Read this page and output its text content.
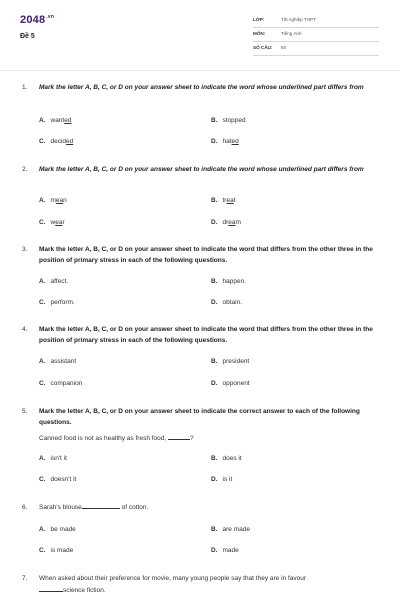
$2048^{.vn}$
Đề 5
LỚP:	Tốt nghiệp THPT
MÔN:	Tiếng Anh
SỐ CÂU: 50
1. Mark the letter A, B, C, or D on your answer sheet to indicate the word whose underlined part differs from
A. wanted	B. stopped
C. decided	D. hated
2. Mark the letter A, B, C, or D on your answer sheet to indicate the word whose underlined part differs from
A. mean	B. treat
C. wear	D. dream
3. Mark the letter A, B, C, or D on your answer sheet to indicate the word that differs from the other three in the position of primary stress in each of the following questions.
A. affect.	B. happen.
C. perform.	D. obtain.
4. Mark the letter A, B, C, or D on your answer sheet to indicate the word that differs from the other three in the position of primary stress in each of the following questions.
A. assistant	B. president
C. companion	D. opponent
5. Mark the letter A, B, C, or D on your answer sheet to indicate the correct answer to each of the following questions.
Canned food is not as healthy as fresh food,	?
A. isn't it	B. does it
C. doesn't it	D. is it
6. Sarah's blouse	of cotton.
A. be made	B. are made
C. is made	D. made
7. When asked about their preference for movie, many young people say that they are in favour
science fiction.
